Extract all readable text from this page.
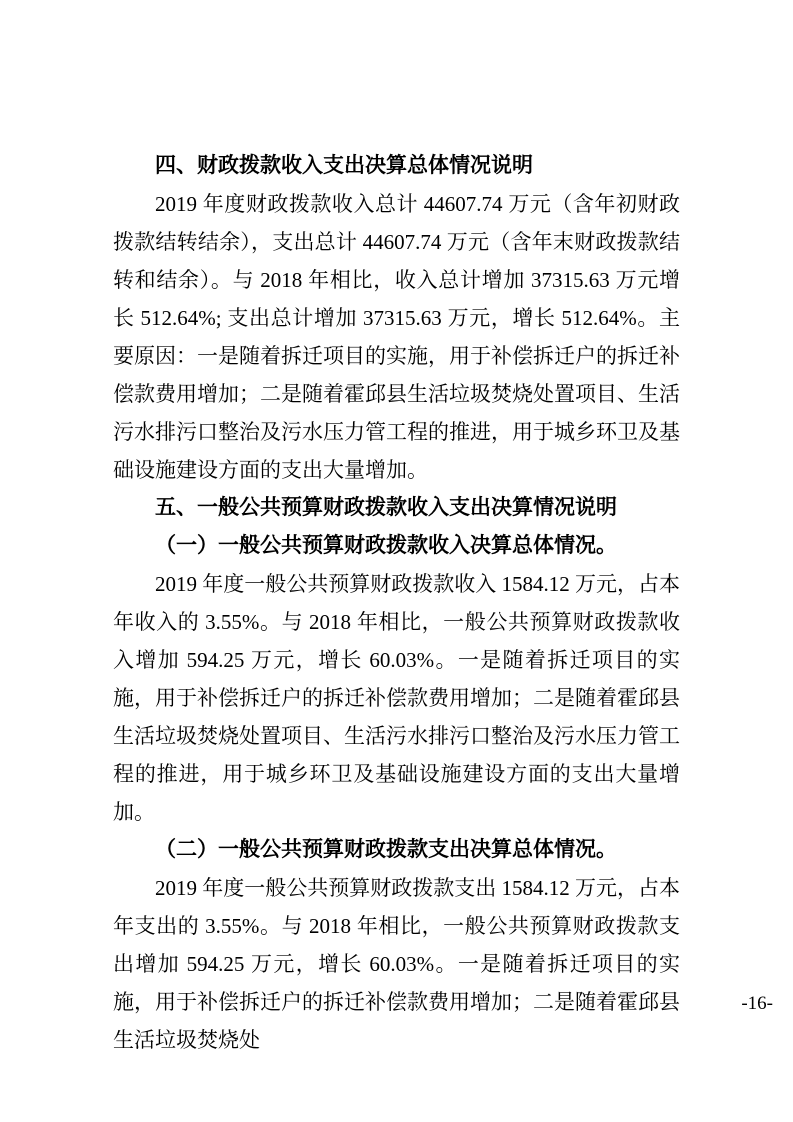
四、财政拨款收入支出决算总体情况说明

2019 年度财政拨款收入总计 44607.74 万元（含年初财政拨款结转结余），支出总计 44607.74 万元（含年末财政拨款结转和结余）。与 2018 年相比，收入总计增加 37315.63 万元增长 512.64%; 支出总计增加 37315.63 万元，增长 512.64%。主要原因：一是随着拆迁项目的实施，用于补偿拆迁户的拆迁补偿款费用增加；二是随着霍邱县生活垃圾焚烧处置项目、生活污水排污口整治及污水压力管工程的推进，用于城乡环卫及基础设施建设方面的支出大量增加。

五、一般公共预算财政拨款收入支出决算情况说明
（一）一般公共预算财政拨款收入决算总体情况。

2019 年度一般公共预算财政拨款收入 1584.12 万元，占本年收入的 3.55%。与 2018 年相比，一般公共预算财政拨款收入增加 594.25 万元，增长 60.03%。一是随着拆迁项目的实施，用于补偿拆迁户的拆迁补偿款费用增加；二是随着霍邱县生活垃圾焚烧处置项目、生活污水排污口整治及污水压力管工程的推进，用于城乡环卫及基础设施建设方面的支出大量增加。

（二）一般公共预算财政拨款支出决算总体情况。

2019 年度一般公共预算财政拨款支出 1584.12 万元，占本年支出的 3.55%。与 2018 年相比，一般公共预算财政拨款支出增加 594.25 万元，增长 60.03%。一是随着拆迁项目的实施，用于补偿拆迁户的拆迁补偿款费用增加；二是随着霍邱县生活垃圾焚烧处

-16-
